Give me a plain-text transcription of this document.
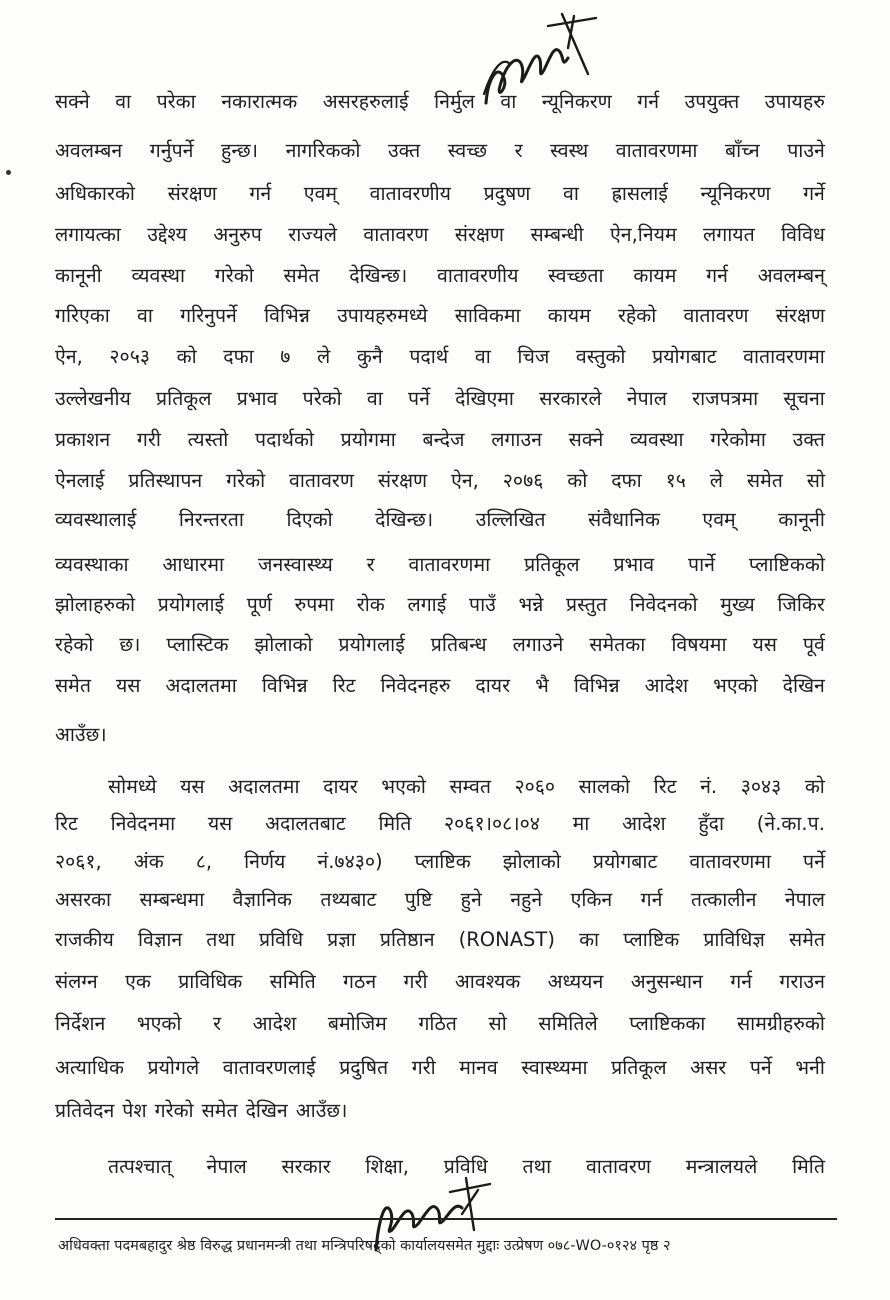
सक्ने वा परेका नकारात्मक असरहरुलाई निर्मुल वा न्यूनिकरण गर्न उपयुक्त उपायहरु
अवलम्बन गर्नुपर्ने हुन्छ। नागरिकको उक्त स्वच्छ र स्वस्थ वातावरणमा बाँच्न पाउने
अधिकारको संरक्षण गर्न एवम् वातावरणीय प्रदुषण वा ह्रासलाई न्यूनिकरण गर्ने
लगायत्का उद्देश्य अनुरुप राज्यले वातावरण संरक्षण सम्बन्धी ऐन,नियम लगायत विविध
कानूनी व्यवस्था गरेको समेत देखिन्छ। वातावरणीय स्वच्छता कायम गर्न अवलम्बन्
गरिएका वा गरिनुपर्ने विभिन्न उपायहरुमध्ये साविकमा कायम रहेको वातावरण संरक्षण
ऐन, २०५३ को दफा ७ ले कुनै पदार्थ वा चिज वस्तुको प्रयोगबाट वातावरणमा
उल्लेखनीय प्रतिकूल प्रभाव परेको वा पर्ने देखिएमा सरकारले नेपाल राजपत्रमा सूचना
प्रकाशन गरी त्यस्तो पदार्थको प्रयोगमा बन्देज लगाउन सक्ने व्यवस्था गरेकोमा उक्त
ऐनलाई प्रतिस्थापन गरेको वातावरण संरक्षण ऐन, २०७६ को दफा १५ ले समेत सो
व्यवस्थालाई निरन्तरता दिएको देखिन्छ। उल्लिखित संवैधानिक एवम् कानूनी
व्यवस्थाका आधारमा जनस्वास्थ्य र वातावरणमा प्रतिकूल प्रभाव पार्ने प्लाष्टिकको
झोलाहरुको प्रयोगलाई पूर्ण रुपमा रोक लगाई पाउँ भन्ने प्रस्तुत निवेदनको मुख्य जिकिर
रहेको छ। प्लास्टिक झोलाको प्रयोगलाई प्रतिबन्ध लगाउने समेतका विषयमा यस पूर्व
समेत यस अदालतमा विभिन्न रिट निवेदनहरु दायर भै विभिन्न आदेश भएको देखिन
आउँछ।
सोमध्ये यस अदालतमा दायर भएको सम्वत २०६० सालको रिट नं. ३०४३ को
रिट निवेदनमा यस अदालतबाट मिति २०६१।०८।०४ मा आदेश हुँदा (ने.का.प.
२०६१, अंक ८, निर्णय नं.७४३०) प्लाष्टिक झोलाको प्रयोगबाट वातावरणमा पर्ने
असरका सम्बन्धमा वैज्ञानिक तथ्यबाट पुष्टि हुने नहुने एकिन गर्न तत्कालीन नेपाल
राजकीय विज्ञान तथा प्रविधि प्रज्ञा प्रतिष्ठान (RONAST) का प्लाष्टिक प्राविधिज्ञ समेत
संलग्न एक प्राविधिक समिति गठन गरी आवश्यक अध्ययन अनुसन्धान गर्न गराउन
निर्देशन भएको र आदेश बमोजिम गठित सो समितिले प्लाष्टिकका सामग्रीहरुको
अत्याधिक प्रयोगले वातावरणलाई प्रदुषित गरी मानव स्वास्थ्यमा प्रतिकूल असर पर्ने भनी
प्रतिवेदन पेश गरेको समेत देखिन आउँछ।
तत्पश्चात् नेपाल सरकार शिक्षा, प्रविधि तथा वातावरण मन्त्रालयले मिति
अधिवक्ता पदमबहादुर श्रेष्ठ विरुद्ध प्रधानमन्त्री तथा मन्त्रिपरिषद्को कार्यालयसमेत मुद्दाः उत्प्रेषण ०७८-WO-०१२४ पृष्ठ २
